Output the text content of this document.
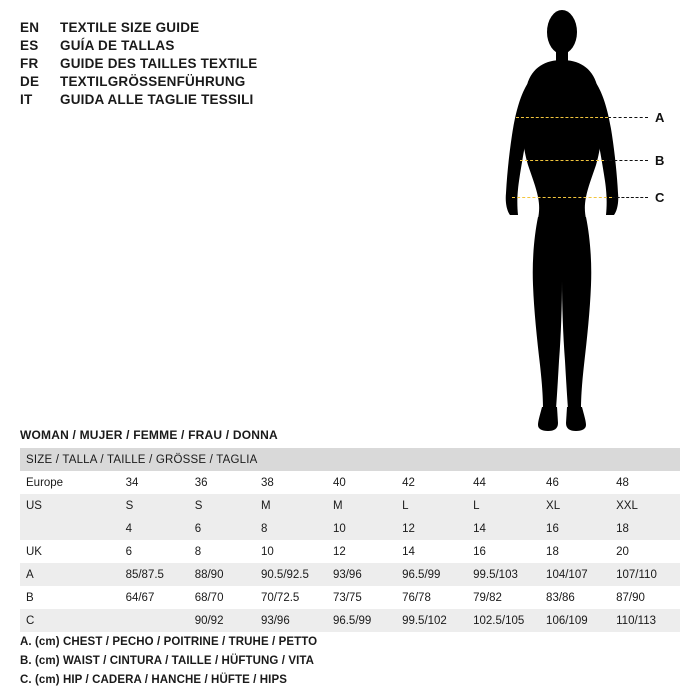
EN	TEXTILE SIZE GUIDE
ES	GUÍA DE TALLAS
FR	GUIDE DES TAILLES TEXTILE
DE	TEXTILGRÖSSENFÜHRUNG
IT	GUIDA ALLE TAGLIE TESSILI
A
B
C
WOMAN / MUJER / FEMME / FRAU / DONNA
SIZE / TALLA / TAILLE / GRÖSSE / TAGLIA								
Europe	34	36	38	40	42	44	46	48
US	S	S	M	M	L	L	XL	XXL
	4	6	8	10	12	14	16	18
UK	6	8	10	12	14	16	18	20
A	85/87.5	88/90	90.5/92.5	93/96	96.5/99	99.5/103	104/107	107/110
B	64/67	68/70	70/72.5	73/75	76/78	79/82	83/86	87/90
C		90/92	93/96	96.5/99	99.5/102	102.5/105	106/109	110/113
A. (cm) CHEST / PECHO / POITRINE / TRUHE / PETTO
B. (cm) WAIST / CINTURA / TAILLE / HÜFTUNG / VITA
C. (cm) HIP / CADERA / HANCHE / HÜFTE / HIPS
